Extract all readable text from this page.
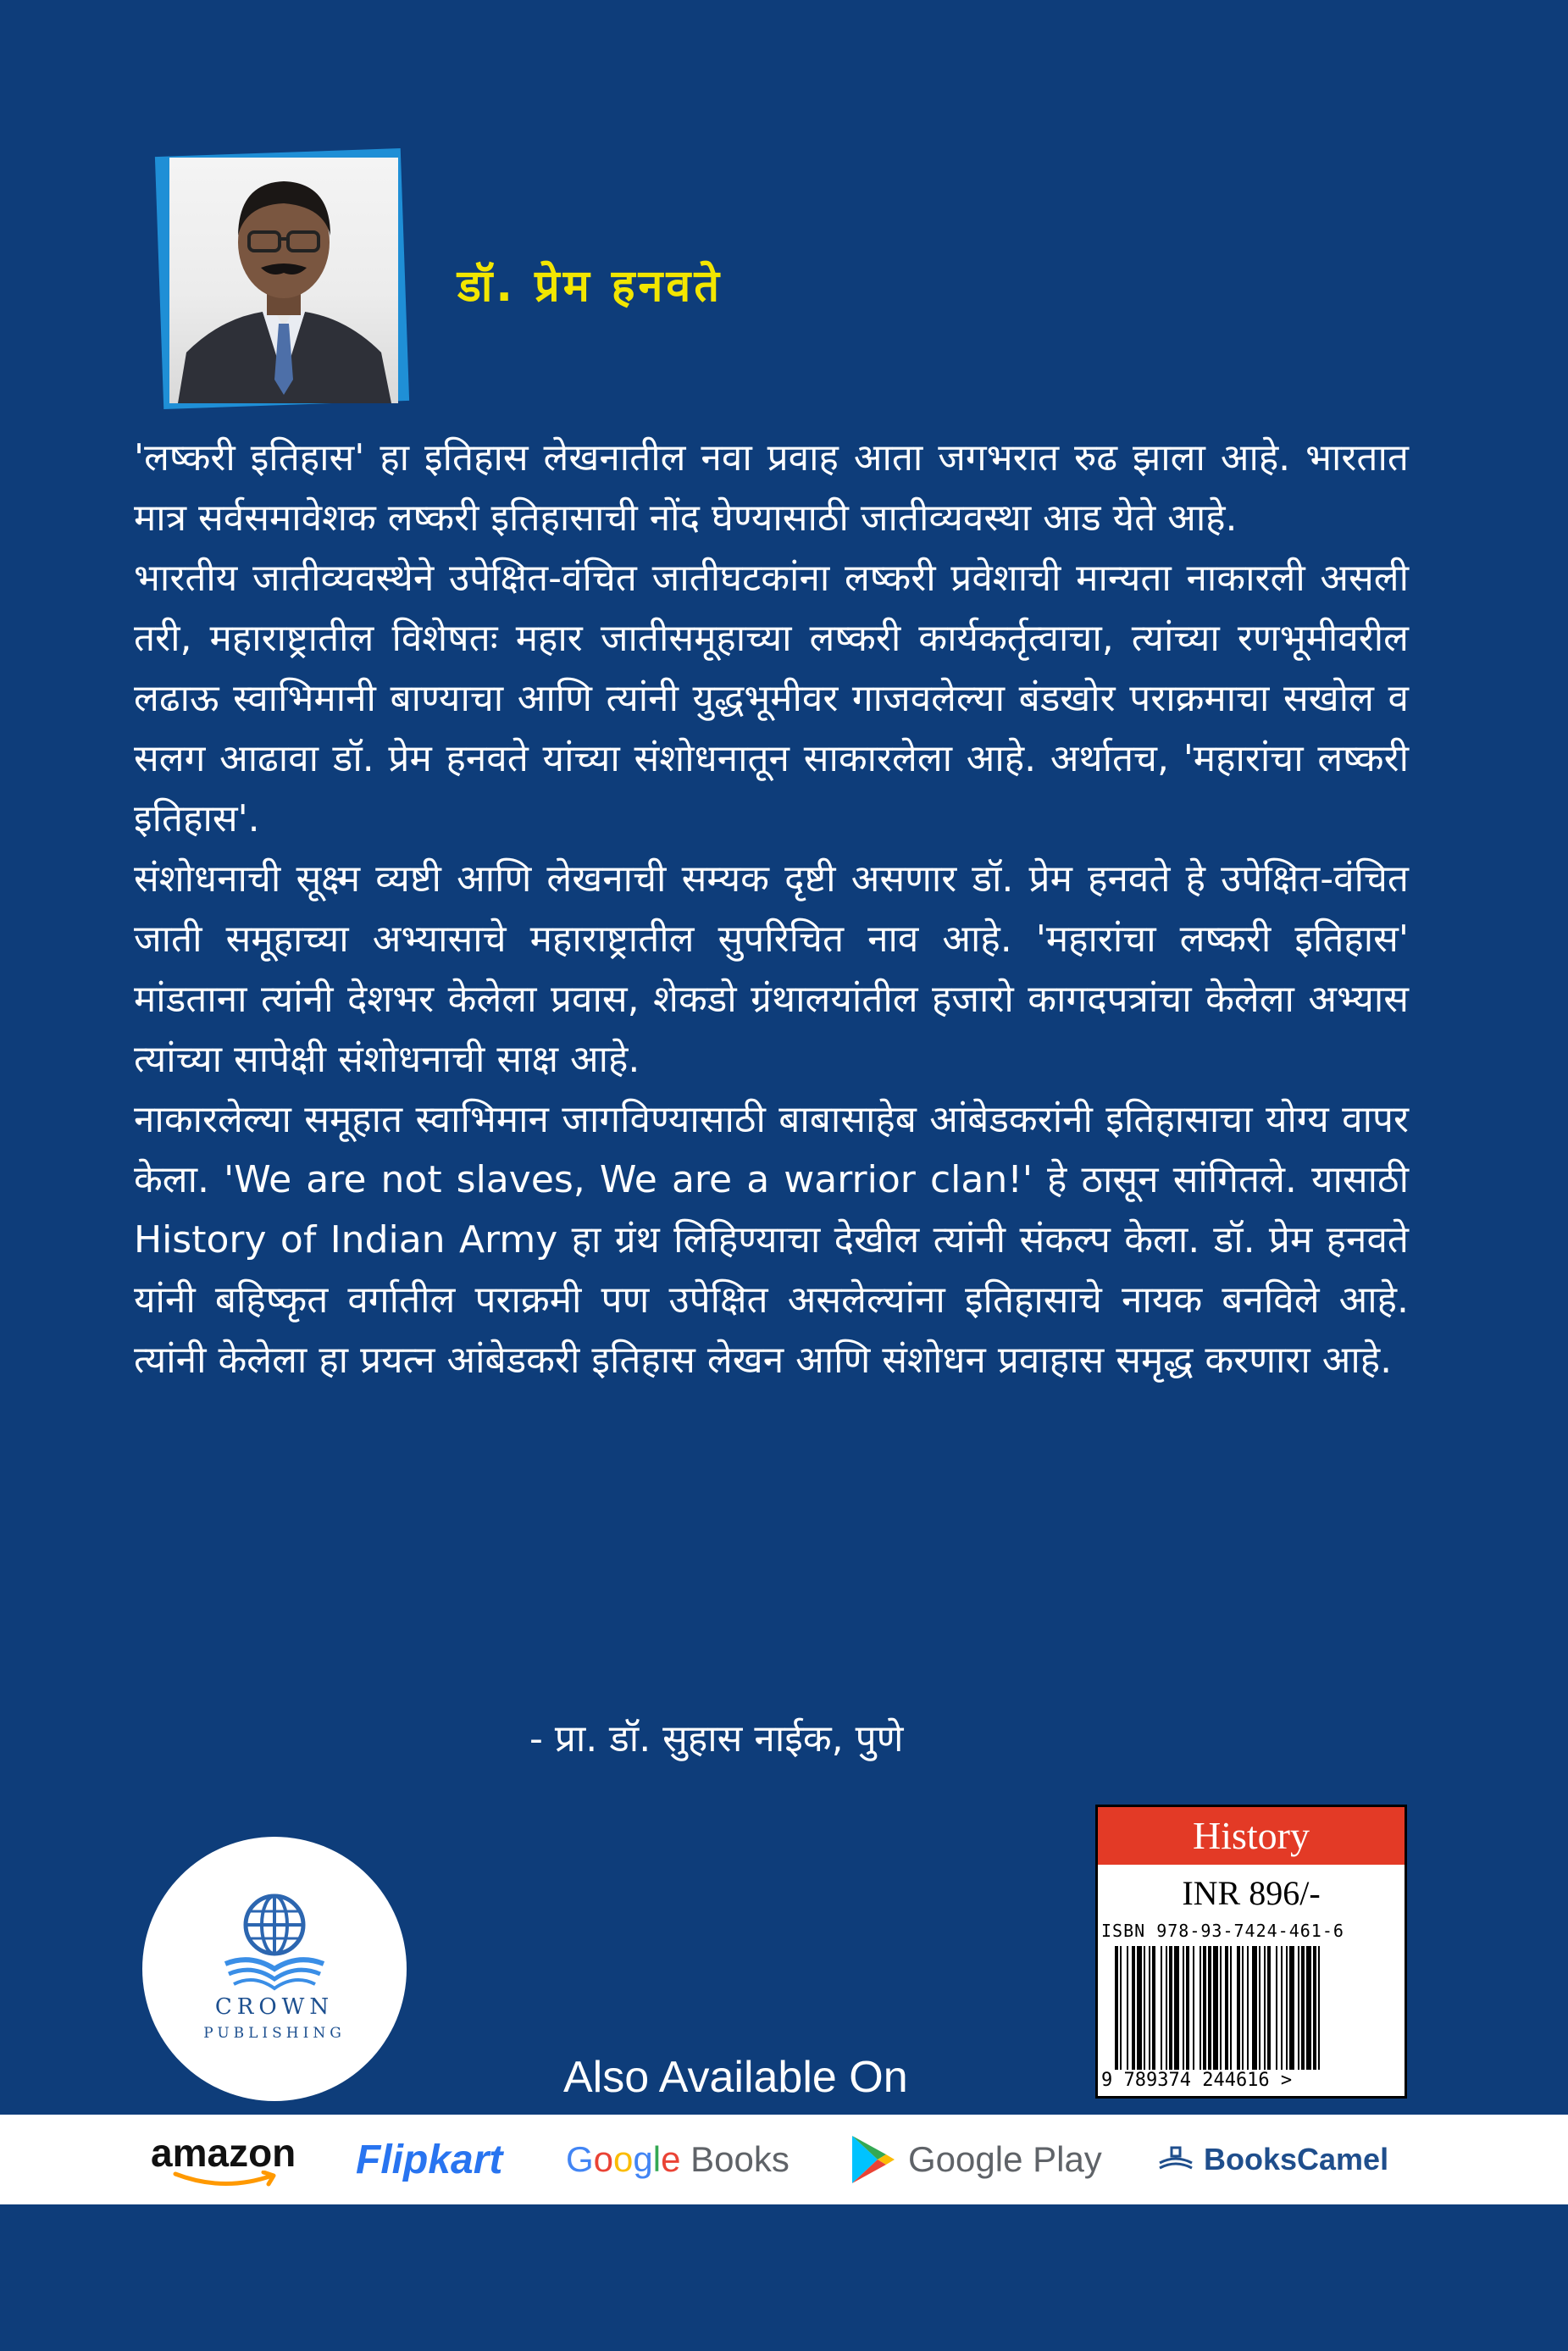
डॉ. प्रेम हनवते

'लष्करी इतिहास' हा इतिहास लेखनातील नवा प्रवाह आता जगभरात रुढ झाला आहे. भारतात मात्र सर्वसमावेशक लष्करी इतिहासाची नोंद घेण्यासाठी जातीव्यवस्था आड येते आहे.

भारतीय जातीव्यवस्थेने उपेक्षित-वंचित जातीघटकांना लष्करी प्रवेशाची मान्यता नाकारली असली तरी, महाराष्ट्रातील विशेषतः महार जातीसमूहाच्या लष्करी कार्यकर्तृत्वाचा, त्यांच्या रणभूमीवरील लढाऊ स्वाभिमानी बाण्याचा आणि त्यांनी युद्धभूमीवर गाजवलेल्या बंडखोर पराक्रमाचा सखोल व सलग आढावा डॉ. प्रेम हनवते यांच्या संशोधनातून साकारलेला आहे. अर्थातच, 'महारांचा लष्करी इतिहास'.

संशोधनाची सूक्ष्म व्यष्टी आणि लेखनाची सम्यक दृष्टी असणार डॉ. प्रेम हनवते हे उपेक्षित-वंचित जाती समूहाच्या अभ्यासाचे महाराष्ट्रातील सुपरिचित नाव आहे. 'महारांचा लष्करी इतिहास' मांडताना त्यांनी देशभर केलेला प्रवास, शेकडो ग्रंथालयांतील हजारो कागदपत्रांचा केलेला अभ्यास त्यांच्या सापेक्षी संशोधनाची साक्ष आहे.

नाकारलेल्या समूहात स्वाभिमान जागविण्यासाठी बाबासाहेब आंबेडकरांनी इतिहासाचा योग्य वापर केला. 'We are not slaves, We are a warrior clan!' हे ठासून सांगितले. यासाठी History of Indian Army हा ग्रंथ लिहिण्याचा देखील त्यांनी संकल्प केला. डॉ. प्रेम हनवते यांनी बहिष्कृत वर्गातील पराक्रमी पण उपेक्षित असलेल्यांना इतिहासाचे नायक बनविले आहे. त्यांनी केलेला हा प्रयत्न आंबेडकरी इतिहास लेखन आणि संशोधन प्रवाहास समृद्ध करणारा आहे.

- प्रा. डॉ. सुहास नाईक, पुणे
CROWN
PUBLISHING
History
INR 896/-
ISBN 978-93-7424-461-6
9 789374 244616 >
Also Available On
amazon Flipkart Google Books	Google Play	BooksCamel
